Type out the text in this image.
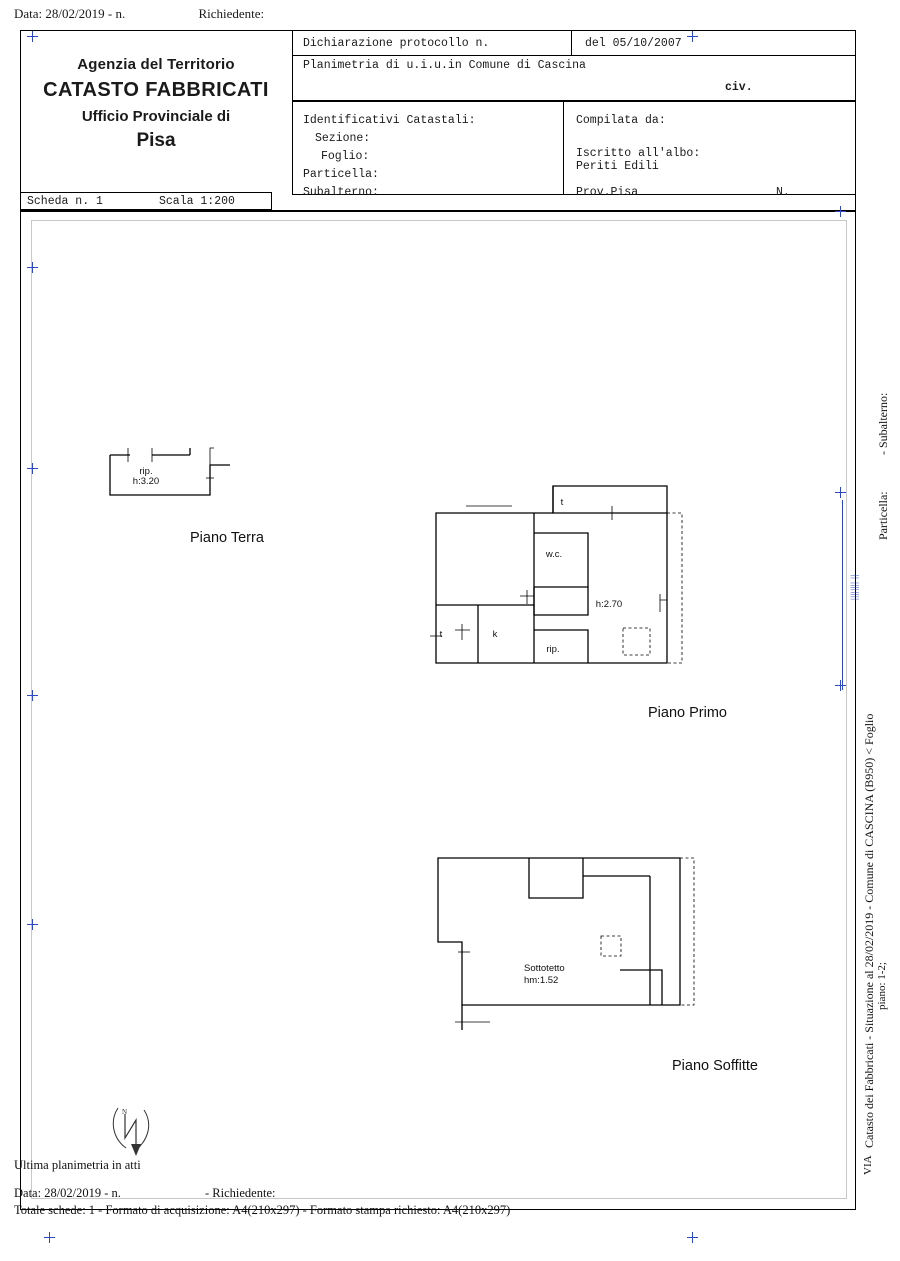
Data: 28/02/2019 - n.	Richiedente:
Agenzia del Territorio
CATASTO FABBRICATI
Ufficio Provinciale di
Pisa
Dichiarazione protocollo n.	del 05/10/2007
Planimetria di u.i.u.in Comune di Cascina
civ.
Identificativi Catastali:
Sezione:
Foglio:
Particella:
Subalterno:
Compilata da:
Iscritto all'albo:
Periti Edili
Prov.Pisa	N.
Scheda n. 1	Scala 1:200
Piano Terra
Piano Primo
Piano Soffitte
rip.
h:3.20
t
w.c.
h:2.70
t	k
rip.
Sottotetto
hm:1.52
N
|||||||| ||
Catasto dei Fabbricati - Situazione al 28/02/2019 - Comune di CASCINA (B950) < Foglio
Particella:
- Subalterno:
piano: 1-2;
VIA
Ultima planimetria in atti
Data: 28/02/2019 - n.	- Richiedente:
Totale schede: 1 - Formato di acquisizione: A4(210x297) - Formato stampa richiesto: A4(210x297)
